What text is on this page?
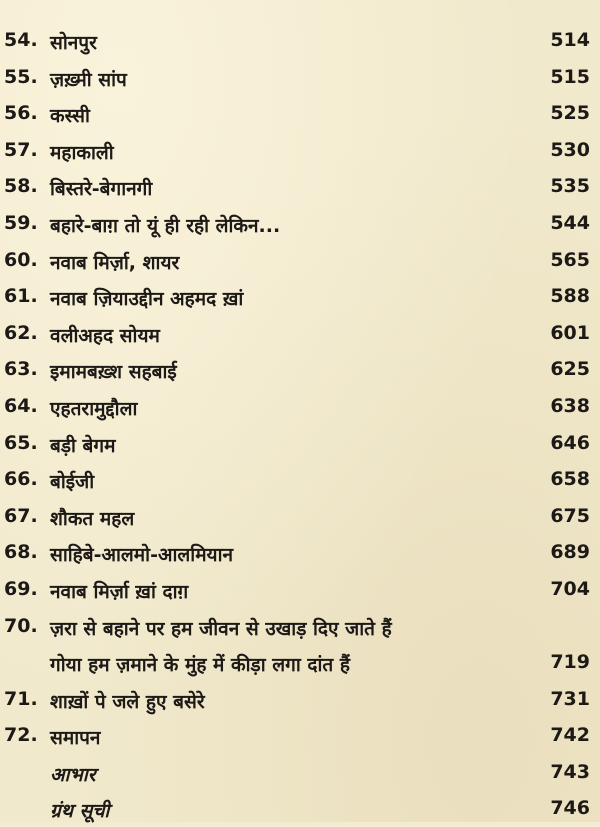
54. सोनपुर	514
55. ज़ख़्मी सांप	515
56. कस्सी	525
57. महाकाली	530
58. बिस्तरे-बेगानगी	535
59. बहारे-बाग़ तो यूं ही रही लेकिन...	544
60. नवाब मिर्ज़ा, शायर	565
61. नवाब ज़ियाउद्दीन अहमद ख़ां	588
62. वलीअहद सोयम	601
63. इमामबख़्श सहबाई	625
64. एहतरामुद्दौला	638
65. बड़ी बेगम	646
66. बोईजी	658
67. शौकत महल	675
68. साहिबे-आलमो-आलमियान	689
69. नवाब मिर्ज़ा ख़ां दाग़	704
70. ज़रा से बहाने पर हम जीवन से उखाड़ दिए जाते हैं
गोया हम ज़माने के मुंह में कीड़ा लगा दांत हैं	719
71. शाख़ों पे जले हुए बसेरे	731
72. समापन	742
आभार	743
ग्रंथ सूची	746
